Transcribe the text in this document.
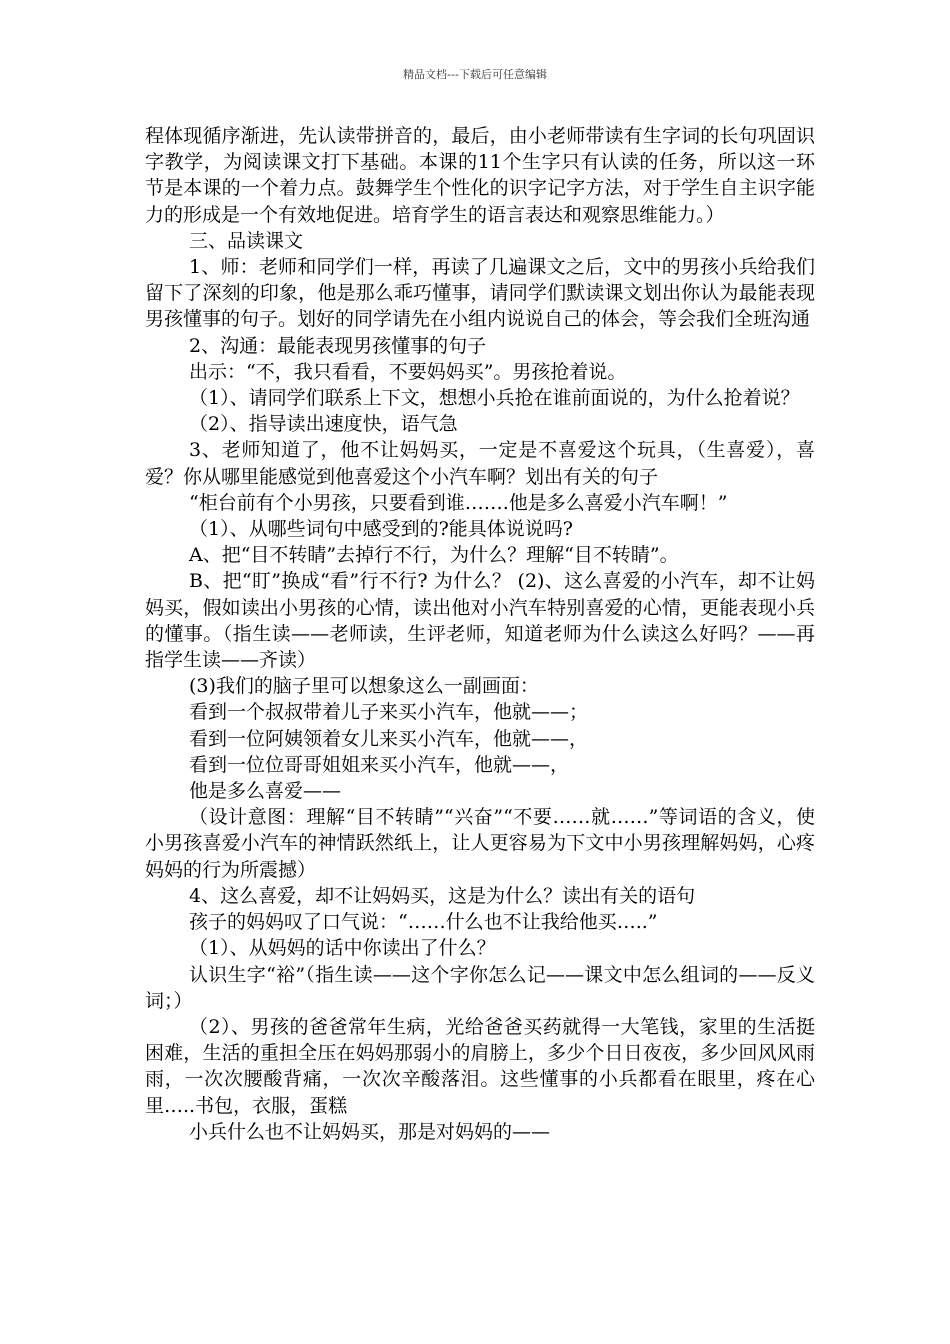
精品文档---下载后可任意编辑

程体现循序渐进，先认读带拼音的，最后，由小老师带读有生字词的长句巩固识字教学，为阅读课文打下基础。本课的11个生字只有认读的任务，所以这一环节是本课的一个着力点。鼓舞学生个性化的识字记字方法，对于学生自主识字能力的形成是一个有效地促进。培育学生的语言表达和观察思维能力。）

三、品读课文

1、师：老师和同学们一样，再读了几遍课文之后，文中的男孩小兵给我们留下了深刻的印象，他是那么乖巧懂事，请同学们默读课文划出你认为最能表现男孩懂事的句子。划好的同学请先在小组内说说自己的体会，等会我们全班沟通

2、沟通：最能表现男孩懂事的句子

出示：“不，我只看看，不要妈妈买”。男孩抢着说。

（1）、请同学们联系上下文，想想小兵抢在谁前面说的，为什么抢着说？

（2）、指导读出速度快，语气急

3、老师知道了，他不让妈妈买，一定是不喜爱这个玩具，（生喜爱），喜爱？你从哪里能感觉到他喜爱这个小汽车啊？划出有关的句子

“柜台前有个小男孩，只要看到谁…….他是多么喜爱小汽车啊！”

（1）、从哪些词句中感受到的?能具体说说吗?

A、把“目不转睛”去掉行不行，为什么？理解“目不转睛”。

B、把“盯”换成“看”行不行? 为什么？ (2)、这么喜爱的小汽车，却不让妈妈买，假如读出小男孩的心情，读出他对小汽车特别喜爱的心情，更能表现小兵的懂事。（指生读——老师读，生评老师，知道老师为什么读这么好吗？——再指学生读——齐读）

(3)我们的脑子里可以想象这么一副画面：

看到一个叔叔带着儿子来买小汽车，他就——；

看到一位阿姨领着女儿来买小汽车，他就——，

看到一位位哥哥姐姐来买小汽车，他就——，

他是多么喜爱——

（设计意图：理解“目不转睛”“兴奋”“不要……就……”等词语的含义，使小男孩喜爱小汽车的神情跃然纸上，让人更容易为下文中小男孩理解妈妈，心疼妈妈的行为所震撼）

4、这么喜爱，却不让妈妈买，这是为什么？读出有关的语句

孩子的妈妈叹了口气说：“……什么也不让我给他买…..”

（1）、从妈妈的话中你读出了什么？

认识生字“裕”（指生读——这个字你怎么记——课文中怎么组词的——反义词；）

（2）、男孩的爸爸常年生病，光给爸爸买药就得一大笔钱，家里的生活挺困难，生活的重担全压在妈妈那弱小的肩膀上，多少个日日夜夜，多少回风风雨雨，一次次腰酸背痛，一次次辛酸落泪。这些懂事的小兵都看在眼里，疼在心里…..书包，衣服，蛋糕

小兵什么也不让妈妈买，那是对妈妈的——
